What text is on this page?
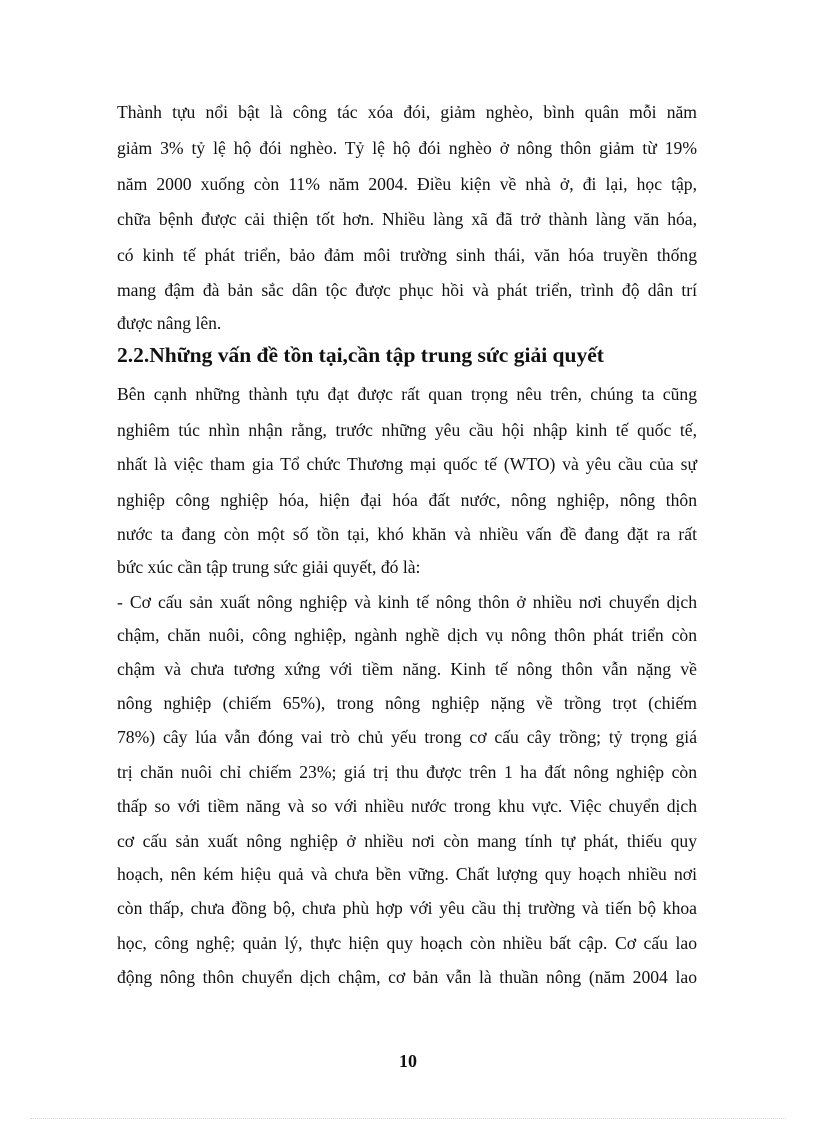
Thành tựu nổi bật là công tác xóa đói, giảm nghèo, bình quân mỗi năm
giảm 3% tỷ lệ hộ đói nghèo. Tỷ lệ hộ đói nghèo ở nông thôn giảm từ 19%
năm 2000 xuống còn 11% năm 2004. Điều kiện về nhà ở, đi lại, học tập,
chữa bệnh được cải thiện tốt hơn. Nhiều làng xã đã trở thành làng văn hóa,
có kinh tế phát triển, bảo đảm môi trường sinh thái, văn hóa truyền thống
mang đậm đà bản sắc dân tộc được phục hồi và phát triển, trình độ dân trí
được nâng lên.
2.2.Những vấn đề tồn tại,cần tập trung sức giải quyết
Bên cạnh những thành tựu đạt được rất quan trọng nêu trên, chúng ta cũng
nghiêm túc nhìn nhận rằng, trước những yêu cầu hội nhập kinh tế quốc tế,
nhất là việc tham gia Tổ chức Thương mại quốc tế (WTO) và yêu cầu của sự
nghiệp công nghiệp hóa, hiện đại hóa đất nước, nông nghiệp, nông thôn
nước ta đang còn một số tồn tại, khó khăn và nhiều vấn đề đang đặt ra rất
bức xúc cần tập trung sức giải quyết, đó là:
- Cơ cấu sản xuất nông nghiệp và kinh tế nông thôn ở nhiều nơi chuyển dịch
chậm, chăn nuôi, công nghiệp, ngành nghề dịch vụ nông thôn phát triển còn
chậm và chưa tương xứng với tiềm năng. Kinh tế nông thôn vẫn nặng về
nông nghiệp (chiếm 65%), trong nông nghiệp nặng về trồng trọt (chiếm
78%) cây lúa vẫn đóng vai trò chủ yếu trong cơ cấu cây trồng; tỷ trọng giá
trị chăn nuôi chỉ chiếm 23%; giá trị thu được trên 1 ha đất nông nghiệp còn
thấp so với tiềm năng và so với nhiều nước trong khu vực. Việc chuyển dịch
cơ cấu sản xuất nông nghiệp ở nhiều nơi còn mang tính tự phát, thiếu quy
hoạch, nên kém hiệu quả và chưa bền vững. Chất lượng quy hoạch nhiều nơi
còn thấp, chưa đồng bộ, chưa phù hợp với yêu cầu thị trường và tiến bộ khoa
học, công nghệ; quản lý, thực hiện quy hoạch còn nhiều bất cập. Cơ cấu lao
động nông thôn chuyển dịch chậm, cơ bản vẫn là thuần nông (năm 2004 lao
10
